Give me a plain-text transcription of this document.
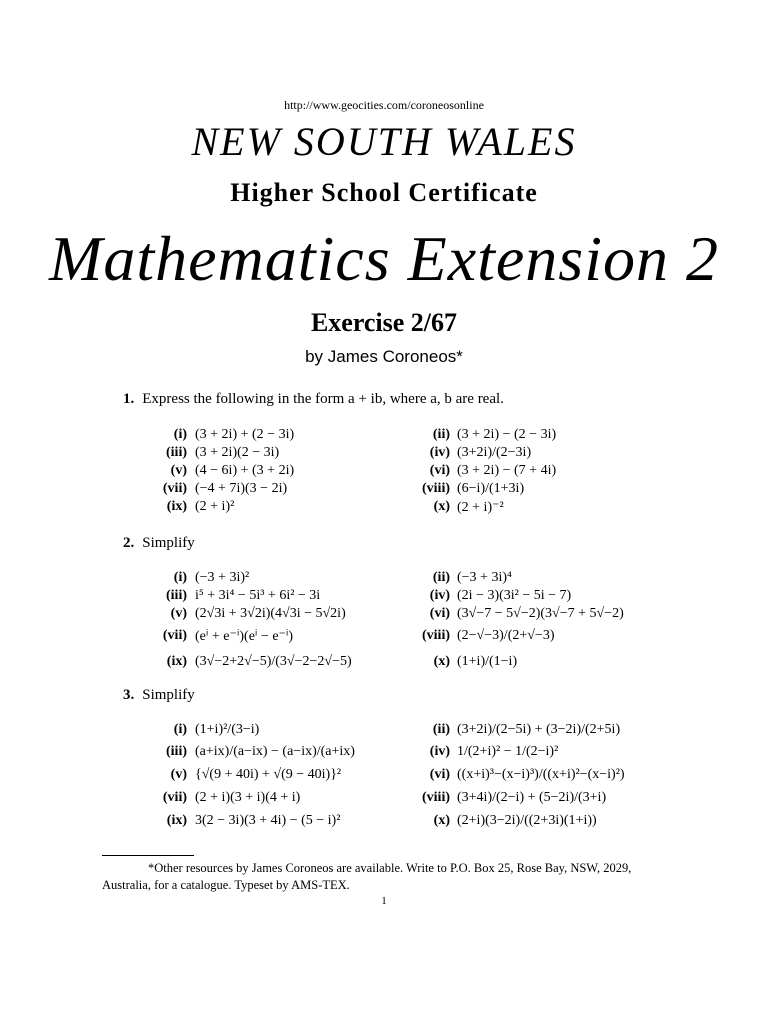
http://www.geocities.com/coroneosonline
NEW SOUTH WALES
Higher School Certificate
Mathematics Extension 2
Exercise 2/67
by James Coroneos*
1. Express the following in the form a + ib, where a, b are real.
(i) (3 + 2i) + (2 − 3i)	(ii) (3 + 2i) − (2 − 3i)
(iii) (3 + 2i)(2 − 3i)	(iv) (3+2i)/(2−3i)
(v) (4 − 6i) + (3 + 2i)	(vi) (3 + 2i) − (7 + 4i)
(vii) (−4 + 7i)(3 − 2i)	(viii) (6−i)/(1+3i)
(ix) (2 + i)²	(x) (2 + i)⁻²
2. Simplify
(i) (−3 + 3i)²	(ii) (−3 + 3i)⁴
(iii) i⁵ + 3i⁴ − 5i³ + 6i² − 3i	(iv) (2i − 3)(3i² − 5i − 7)
(v) (2√3i + 3√2i)(4√3i − 5√2i)	(vi) (3√−7 − 5√−2)(3√−7 + 5√−2)
(vii) (eⁱ + e⁻ⁱ)(eⁱ − e⁻ⁱ)	(viii) (2−√−3)/(2+√−3)
(ix) (3√−2+2√−5)/(3√−2−2√−5)	(x) (1+i)/(1−i)
3. Simplify
(i) (1+i)²/(3−i)	(ii) (3+2i)/(2−5i) + (3−2i)/(2+5i)
(iii) (a+ix)/(a−ix) − (a−ix)/(a+ix)	(iv) 1/(2+i)² − 1/(2−i)²
(v) {√(9 + 40i) + √(9 − 40i)}²	(vi) ((x+i)³−(x−i)³)/((x+i)²−(x−i)²)
(vii) (2 + i)(3 + i)(4 + i)	(viii) (3+4i)/(2−i) + (5−2i)/(3+i)
(ix) 3(2 − 3i)(3 + 4i) − (5 − i)²	(x) (2+i)(3−2i)/((2+3i)(1+i))
*Other resources by James Coroneos are available. Write to P.O. Box 25, Rose Bay, NSW, 2029, Australia, for a catalogue. Typeset by AMS-TEX.
1
